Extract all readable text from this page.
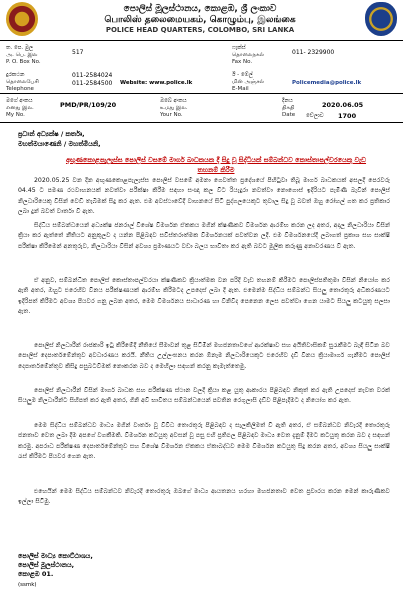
පොලිස් මූලස්ථානය, කොළඹ, ශ්‍රී ලංකාව
பொலிஸ் தலைமையகம், கொழும்பு, இலங்கை
POLICE HEAD QUARTERS, COLOMBO, SRI LANKA
ත. පෙ. මුල
அ. பெ. இல
P. O. Box No.
517
ෆැක්ස්
தொலைநகல்
Fax No.
011- 2329900
දුරකථන
தொலைபேசி
Telephone
011-2584024
011-2584500 Website: www.police.lk
ඊ - මේල්
மின் அஞ்சல்
E-Mail
Policemedia@police.lk
මගේ අංකය
எனது இல.
My No.
PMD/PR/109/20	ඔබේ අංකය
உமது இல.
Your No.
දිනය
திகதி
Date
2020.06.05
වේලාව 1700
ප්‍රධාන් අධ්‍යක්ෂ / කර්තෘ,
මහත්මයාණෙනි / මහත්මියනි,
අඟුණකොළපැලැස්ස පොලිස් වසමේ මාර්ග බාධකයක දී සිදු වූ සිද්ධියක් සම්බන්ධව කොස්තාපල්වරයෙකු වැඩ තහනම් කිරීම
2020.05.25 වන දින අඟුණකොළපැලැස්ස පොලිස් වසමේ අමනා ගෙවත්ත ප්‍රදේශයේ පිහිටුවා තිබූ මාර්ග බාධකයක් අසලදී පෙරවරු 04.45 ට පමණ රථවාහනයක් නවත්වා පරීක්ෂා කිරීම සඳහා සංඥා කල විට රියැදුරා නවත්වා නොගොස් ඉදිරියට පැමිණි බැවින් පොලිස් නිලධාරියෙකු විසින් වෙඩි තැබීමක් සිදු කර ඇත. එම අවස්ථාවේදී වාහනයේ සිටි පුද්ගලයෙකුට තුවාල සිදු වූ බවත් ඔහු රෝහල් ගත කර ප්‍රතිකාර ලබා දුන් බවත් වාර්තා වී ඇත.
සිද්ධිය සම්බන්ධයෙන් අධ්‍යක්ෂ ජනරාල් විශේෂ විමර්ශන ඒකකය මගින් ක්ෂණිකව විමර්ශන ආරම්භ කරන ලද අතර, අදාල නිලධාරියා විසින් ක්‍රියා කර ඇත්තේ නීතියට අනුකූලව ද යන්න පිළිබඳව සවිස්තරාත්මක විමර්ශනයක් පවත්වන ලදී. එම විමර්ශනයේදී ලබාගත් ප්‍රකාශ සහ සාක්ෂි පරීක්ෂා කිරීමෙන් අනතුරුව, නිලධාරියා විසින් අවශ්‍ය ප්‍රමාණයට වඩා බලය භාවිතා කර ඇති බවට මූලික කරුණු අනාවරණය වී ඇත.
ඒ අනුව, සම්බන්ධිත පොලිස් කොස්තාපල්වරයා ක්ෂණිකව ක්‍රියාත්මක වන පරිදි වැඩ තහනම් කිරීමට පොලිස්පතිතුමා විසින් නියෝග කර ඇති අතර, ඔහුට එරෙහිව විනය පරීක්ෂණයක් ආරම්භ කිරීමටද උපදෙස් ලබා දී ඇත. එමෙන්ම සිද්ධිය සම්බන්ධ සියලු තොරතුරු අධිකරණයට ඉදිරිපත් කිරීමට අවශ්‍ය පියවර ගනු ලබන අතර, මෙම විමර්ශනය සාධාරණ හා විනිවිද පෙනෙන ලෙස පවත්වා ගෙන යාමට සියලු කටයුතු සලසා ඇත.
පොලිස් නිලධාරීන් රාජකාරි ඉටු කිරීමේදී නීතියේ සීමාවන් තුළ සිටිමින් මහජනතාවගේ ආරක්ෂාව සහ අයිතිවාසිකම් සුරැකීමට බැඳී සිටින බව පොලිස් දෙපාර්තමේන්තුව අවධාරණය කරයි. නීතිය උල්ලංඝනය කරන ඕනෑම නිලධාරියෙකුට එරෙහිව දැඩි විනය ක්‍රියාමාර්ග ගැනීමට පොලිස් දෙපාර්තමේන්තුව කිසිදු පසුබටවීමක් නොකරන බව ද මෙහිලා සඳහන් කරනු කැමැත්තෙමු.
පොලිස් නිලධාරීන් විසින් මාර්ග බාධක සහ පරීක්ෂණ ස්ථාන වලදී ක්‍රියා කළ යුතු ආකාරය පිළිබඳව නිකුත් කර ඇති උපදෙස් නැවත වරක් සියලුම නිලධාරීන්ට සිහිපත් කර ඇති අතර, ගිනි අවි භාවිතය සම්බන්ධයෙන් පවතින රෙගුලාසි දැඩිව පිළිපැදීමට ද නියෝග කර ඇත.
මෙම සිද්ධිය සම්බන්ධව මාධ්‍ය මගින් වාර්තා වූ විවිධ තොරතුරු පිළිබඳව ද සැලකිලිමත් වී ඇති අතර, ඒ සම්බන්ධව නිවැරදි තොරතුරු ජනතාව වෙත ලබා දීම අපගේ වගකීමකි. විමර්ශන කටයුතු අවසන් වූ පසු එහි ප්‍රතිඵල පිළිබඳව මාධ්‍ය වෙත දැනුම් දීමට කටයුතු කරන බව ද සඳහන් කරමු. අපරාධ පරීක්ෂණ දෙපාර්තමේන්තුව සහ විශේෂ විමර්ශන ඒකකය ඒකාබද්ධව මෙම විමර්ශන කටයුතු සිදු කරන අතර, අවශ්‍ය සියලු සාක්ෂි රැස් කිරීමට පියවර ගෙන ඇත.
එහෙයින් මෙම සිද්ධිය සම්බන්ධව නිවැරදි තොරතුරු ඔබගේ මාධ්‍ය ආයතනය හරහා මහජනතාව වෙත ප්‍රචාරය කරන මෙන් කාරුණිකව ඉල්ලා සිටිමු.
පොලිස් මාධ්‍ය කොට්ඨාශය,
පොලිස් මූලස්ථානය,
කොළඹ 01.
(ssmk)
